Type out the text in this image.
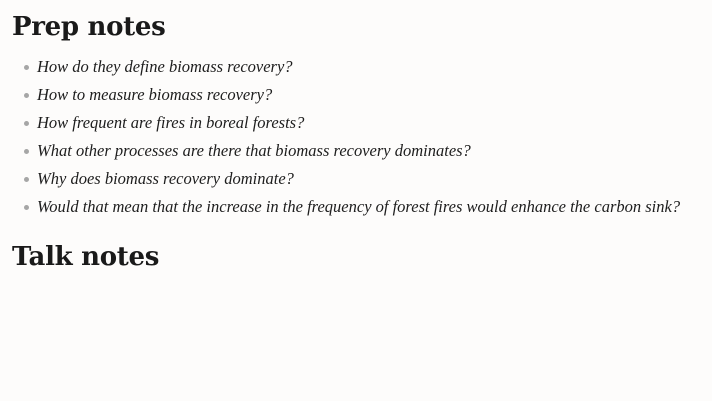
Prep notes
How do they define biomass recovery?
How to measure biomass recovery?
How frequent are fires in boreal forests?
What other processes are there that biomass recovery dominates?
Why does biomass recovery dominate?
Would that mean that the increase in the frequency of forest fires would enhance the carbon sink?
Talk notes
